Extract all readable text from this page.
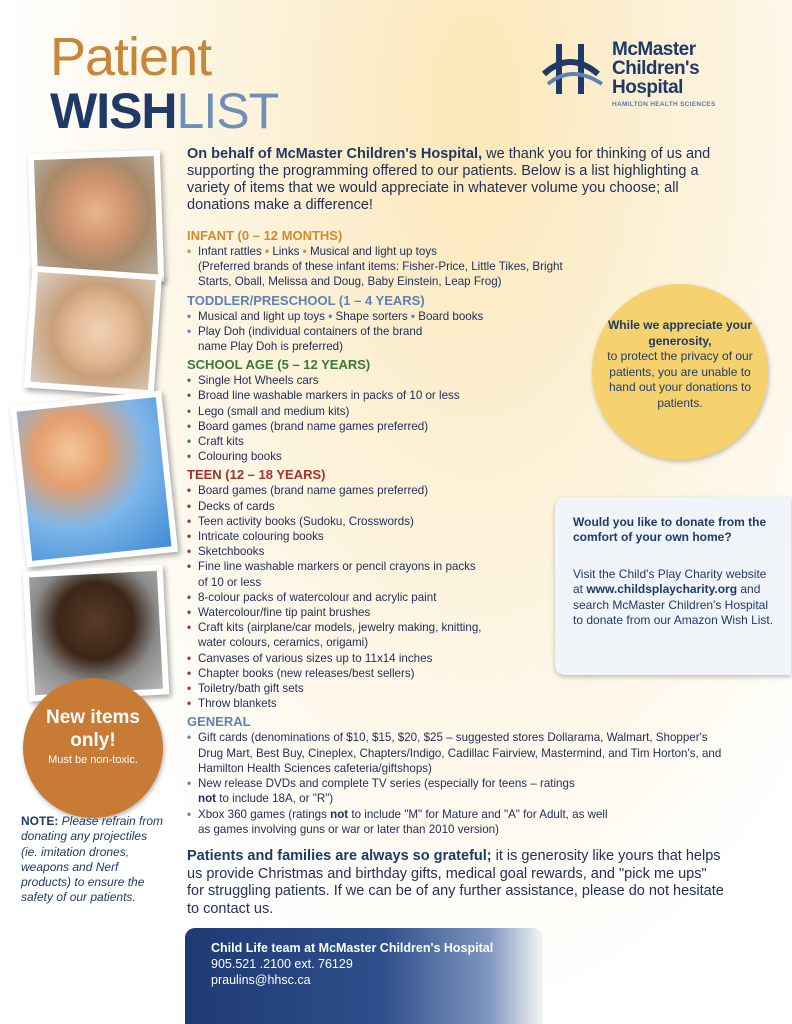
Patient
WISHLIST
McMaster
Children's
Hospital
HAMILTON HEALTH SCIENCES
On behalf of McMaster Children's Hospital, we thank you for thinking of us and supporting the programming offered to our patients. Below is a list highlighting a variety of items that we would appreciate in whatever volume you choose; all donations make a difference!
INFANT (0 – 12 MONTHS)
• Infant rattles • Links • Musical and light up toys
(Preferred brands of these infant items: Fisher-Price, Little Tikes, Bright Starts, Oball, Melissa and Doug, Baby Einstein, Leap Frog)
TODDLER/PRESCHOOL (1 – 4 YEARS)
• Musical and light up toys • Shape sorters • Board books
• Play Doh (individual containers of the brand name Play Doh is preferred)
SCHOOL AGE (5 – 12 YEARS)
• Single Hot Wheels cars
• Broad line washable markers in packs of 10 or less
• Lego (small and medium kits)
• Board games (brand name games preferred)
• Craft kits
• Colouring books
TEEN (12 – 18 YEARS)
• Board games (brand name games preferred)
• Decks of cards
• Teen activity books (Sudoku, Crosswords)
• Intricate colouring books
• Sketchbooks
• Fine line washable markers or pencil crayons in packs of 10 or less
• 8-colour packs of watercolour and acrylic paint
• Watercolour/fine tip paint brushes
• Craft kits (airplane/car models, jewelry making, knitting, water colours, ceramics, origami)
• Canvases of various sizes up to 11x14 inches
• Chapter books (new releases/best sellers)
• Toiletry/bath gift sets
• Throw blankets
GENERAL
• Gift cards (denominations of $10, $15, $20, $25 – suggested stores Dollarama, Walmart, Shopper's Drug Mart, Best Buy, Cineplex, Chapters/Indigo, Cadillac Fairview, Mastermind, and Tim Horton's, and Hamilton Health Sciences cafeteria/giftshops)
• New release DVDs and complete TV series (especially for teens – ratings not to include 18A, or "R")
• Xbox 360 games (ratings not to include "M" for Mature and "A" for Adult, as well as games involving guns or war or later than 2010 version)
While we appreciate your generosity,
to protect the privacy of our patients, you are unable to hand out your donations to patients.
Would you like to donate from the comfort of your own home?
Visit the Child's Play Charity website at www.childsplaycharity.org and search McMaster Children's Hospital to donate from our Amazon Wish List.
New items
only!
Must be non-toxic.
NOTE: Please refrain from donating any projectiles (ie. imitation drones, weapons and Nerf products) to ensure the safety of our patients.
Patients and families are always so grateful; it is generosity like yours that helps us provide Christmas and birthday gifts, medical goal rewards, and "pick me ups" for struggling patients. If we can be of any further assistance, please do not hesitate to contact us.
Child Life team at McMaster Children's Hospital
905.521 .2100 ext. 76129
praulins@hhsc.ca
